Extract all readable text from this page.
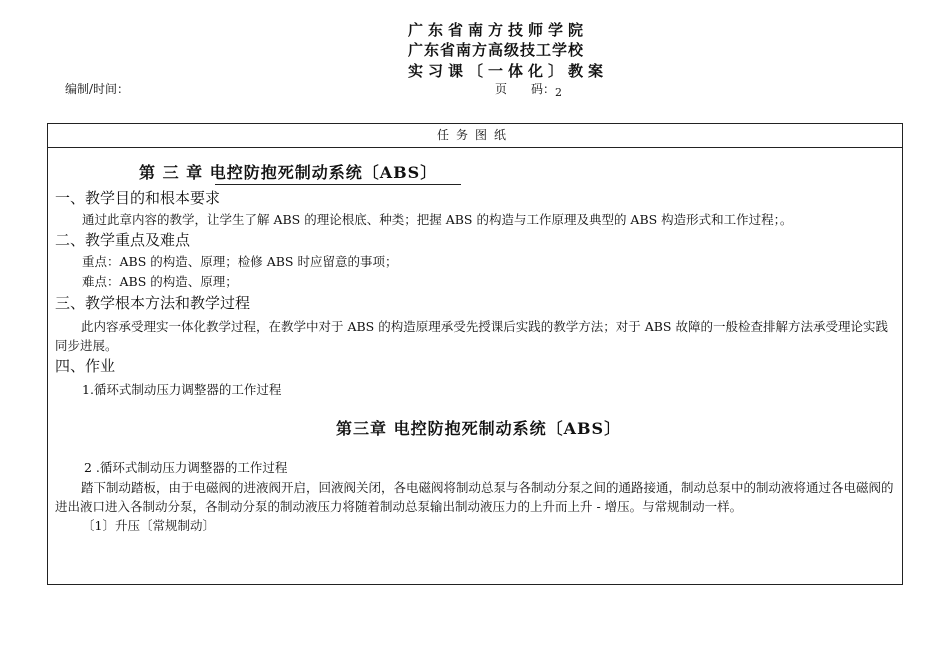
广东省南方技师学院
广东省南方高级技工学校
实习课〔一体化〕教案
编制/时间：	页　　码：2
任务图纸
第 三 章 电控防抱死制动系统〔ABS〕
一、教学目的和根本要求
通过此章内容的教学，让学生了解 ABS 的理论根底、种类；把握 ABS 的构造与工作原理及典型的 ABS 构造形式和工作过程；。
二、教学重点及难点
重点：ABS 的构造、原理；检修 ABS 时应留意的事项；
难点：ABS 的构造、原理；
三、教学根本方法和教学过程
此内容承受理实一体化教学过程，在教学中对于 ABS 的构造原理承受先授课后实践的教学方法；对于 ABS 故障的一般检查排解方法承受理论实践同步进展。
四、作业
1.循环式制动压力调整器的工作过程
第三章 电控防抱死制动系统〔ABS〕
2 .循环式制动压力调整器的工作过程
踏下制动踏板，由于电磁阀的进液阀开启，回液阀关闭，各电磁阀将制动总泵与各制动分泵之间的通路接通，制动总泵中的制动液将通过各电磁阀的进出液口进入各制动分泵，各制动分泵的制动液压力将随着制动总泵输出制动液压力的上升而上升 - 增压。与常规制动一样。
〔1〕升压〔常规制动〕
